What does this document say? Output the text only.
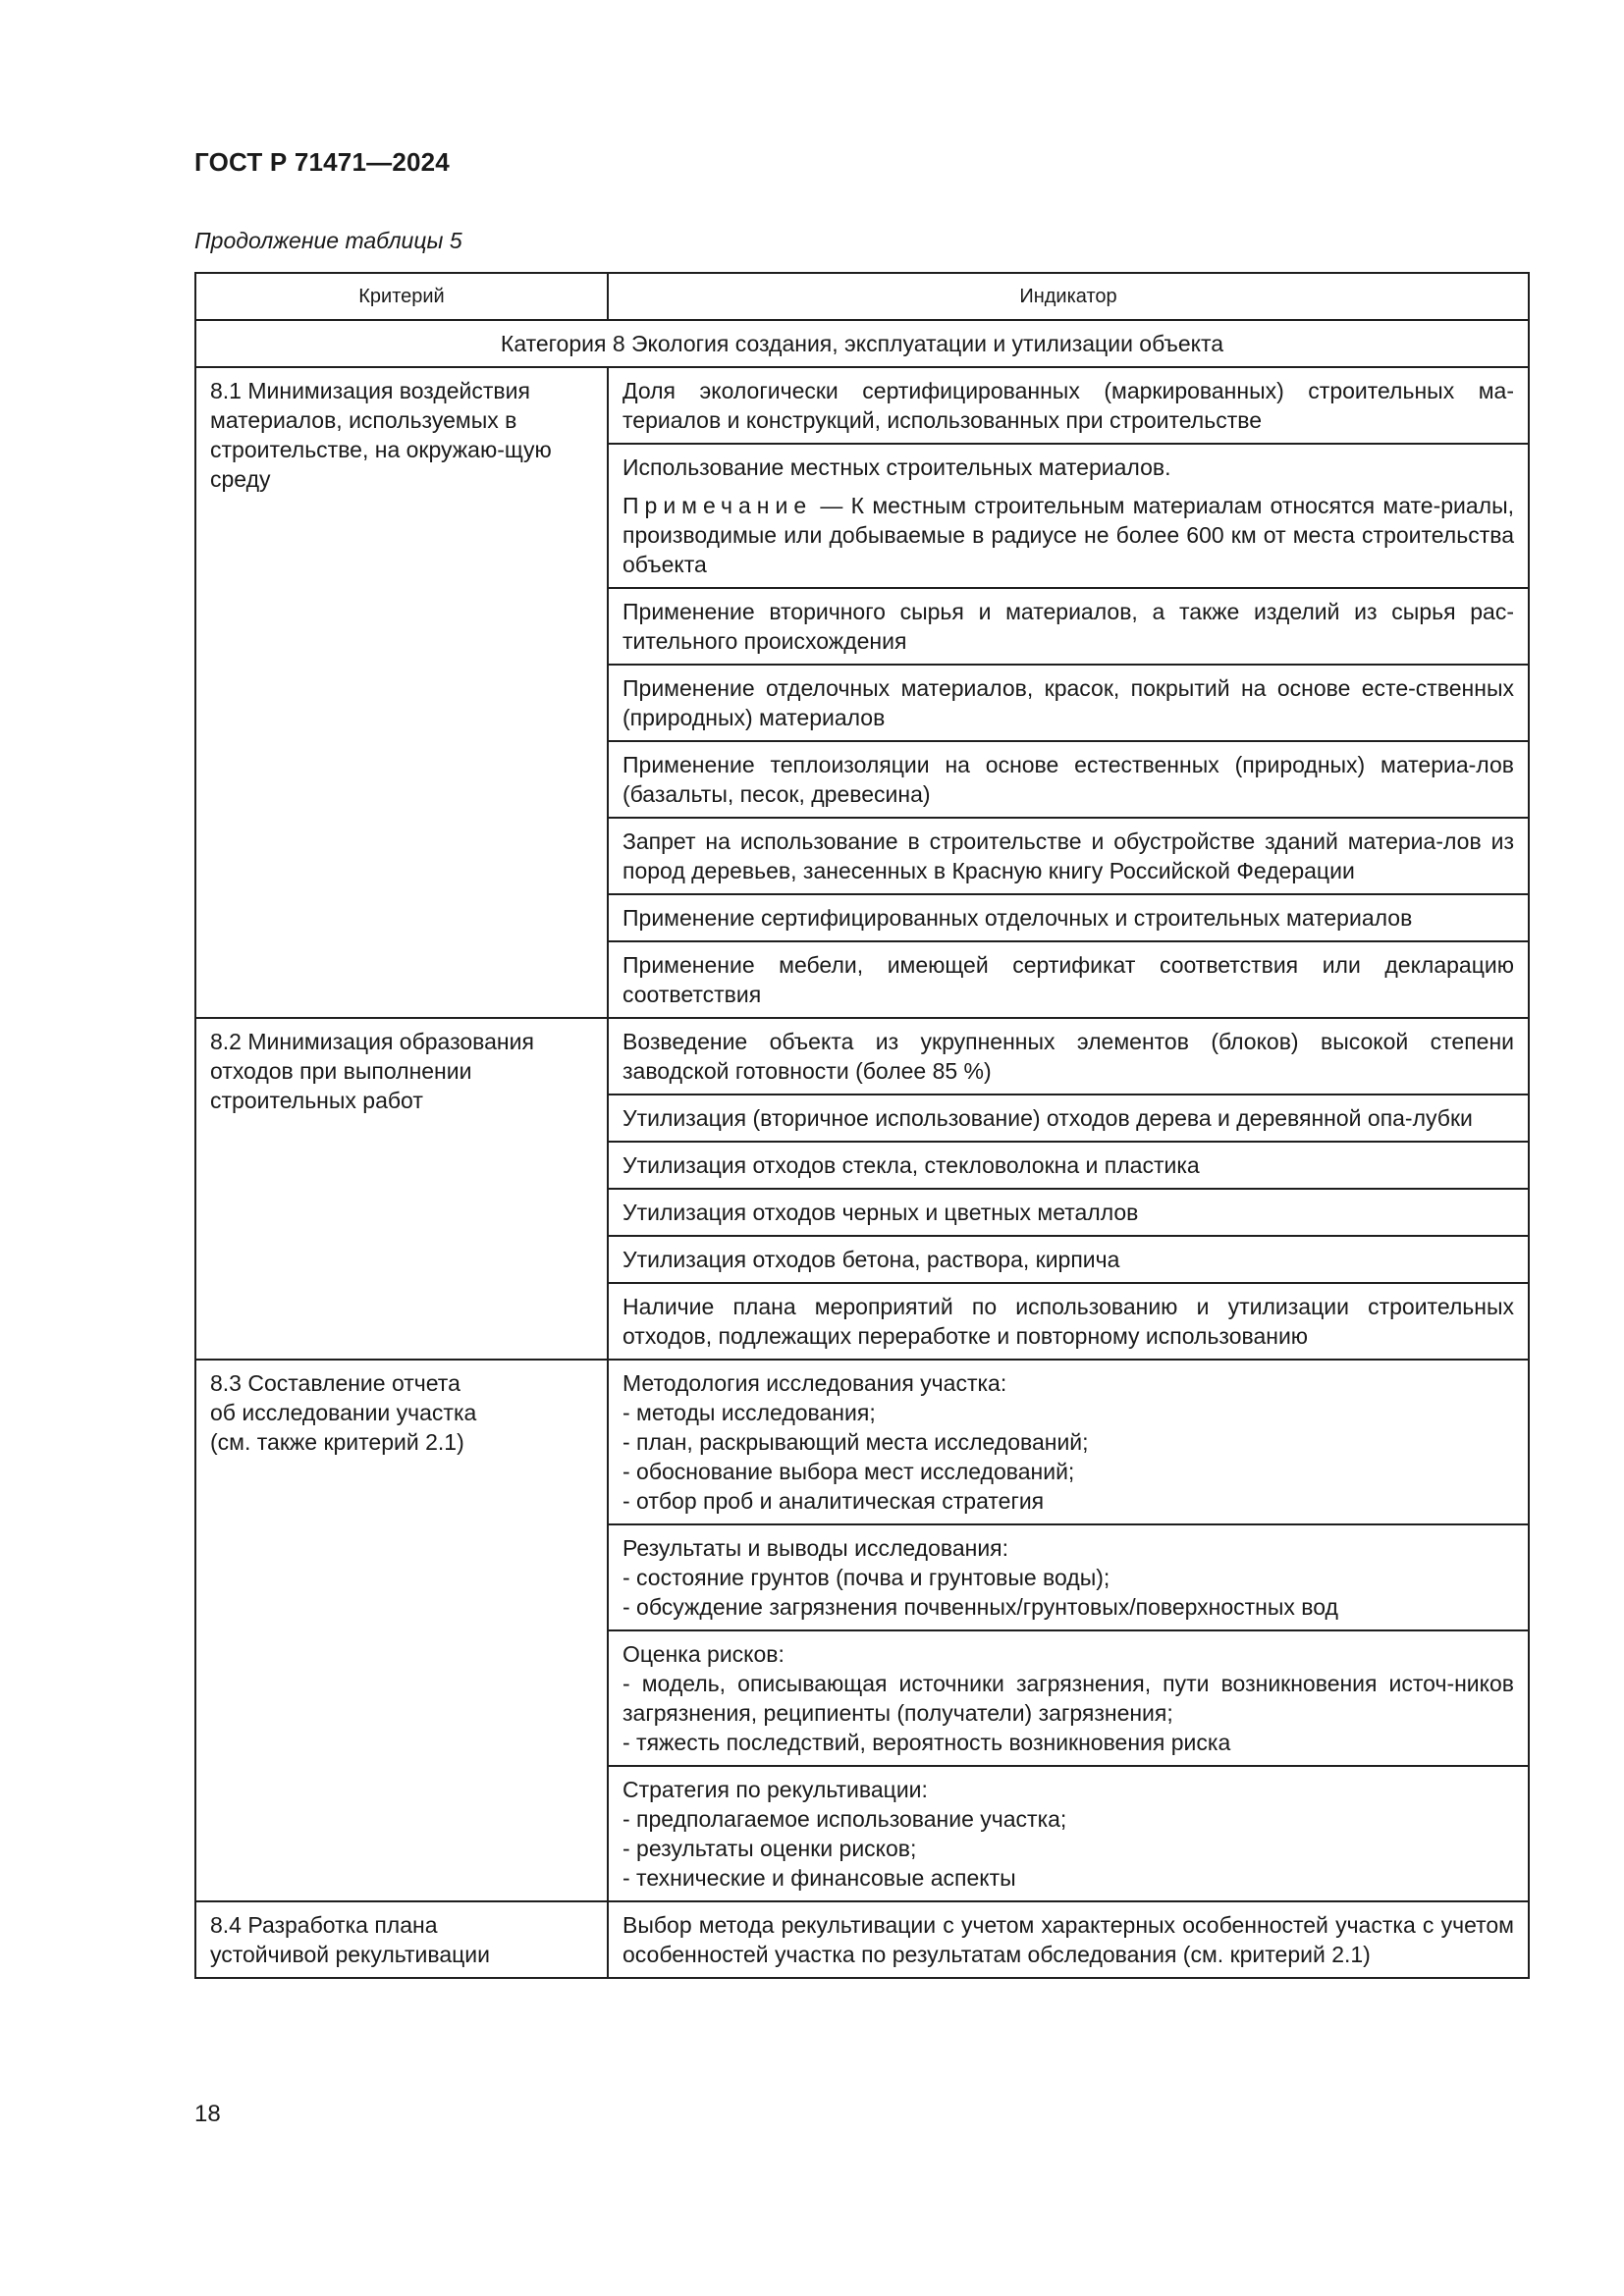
ГОСТ Р 71471—2024
Продолжение таблицы 5
Критерий	Индикатор
Категория 8 Экология создания, эксплуатации и утилизации объекта	
8.1 Минимизация воздействия материалов, используемых в строительстве, на окружаю-щую среду	Доля экологически сертифицированных (маркированных) строительных ма-териалов и конструкций, использованных при строительстве

	Использование местных строительных материалов.

Примечание — К местным строительным материалам относятся мате-риалы, производимые или добываемые в радиусе не более 600 км от места строительства объекта

	Применение вторичного сырья и материалов, а также изделий из сырья рас-тительного происхождения
	Применение отделочных материалов, красок, покрытий на основе есте-ственных (природных) материалов
	Применение теплоизоляции на основе естественных (природных) материа-лов (базальты, песок, древесина)
	Запрет на использование в строительстве и обустройстве зданий материа-лов из пород деревьев, занесенных в Красную книгу Российской Федерации
	Применение сертифицированных отделочных и строительных материалов
	Применение мебели, имеющей сертификат соответствия или декларацию соответствия
8.2 Минимизация образования отходов при выполнении строительных работ	Возведение объекта из укрупненных элементов (блоков) высокой степени заводской готовности (более 85 %)
	Утилизация (вторичное использование) отходов дерева и деревянной опа-лубки
	Утилизация отходов стекла, стекловолокна и пластика
	Утилизация отходов черных и цветных металлов
	Утилизация отходов бетона, раствора, кирпича
	Наличие плана мероприятий по использованию и утилизации строительных отходов, подлежащих переработке и повторному использованию

8.3 Составление отчета
об исследовании участка
(см. также критерий 2.1)	Методология исследования участка:
- методы исследования;
- план, раскрывающий места исследований;
- обоснование выбора мест исследований;
- отбор проб и аналитическая стратегия

	Результаты и выводы исследования:
- состояние грунтов (почва и грунтовые воды);
- обсуждение загрязнения почвенных/грунтовых/поверхностных вод

	Оценка рисков:
- модель, описывающая источники загрязнения, пути возникновения источ-ников загрязнения, реципиенты (получатели) загрязнения;
- тяжесть последствий, вероятность возникновения риска

	Стратегия по рекультивации:
- предполагаемое использование участка;
- результаты оценки рисков;
- технические и финансовые аспекты

8.4 Разработка плана
устойчивой рекультивации	Выбор метода рекультивации с учетом характерных особенностей участка с учетом особенностей участка по результатам обследования (см. критерий 2.1)
18
